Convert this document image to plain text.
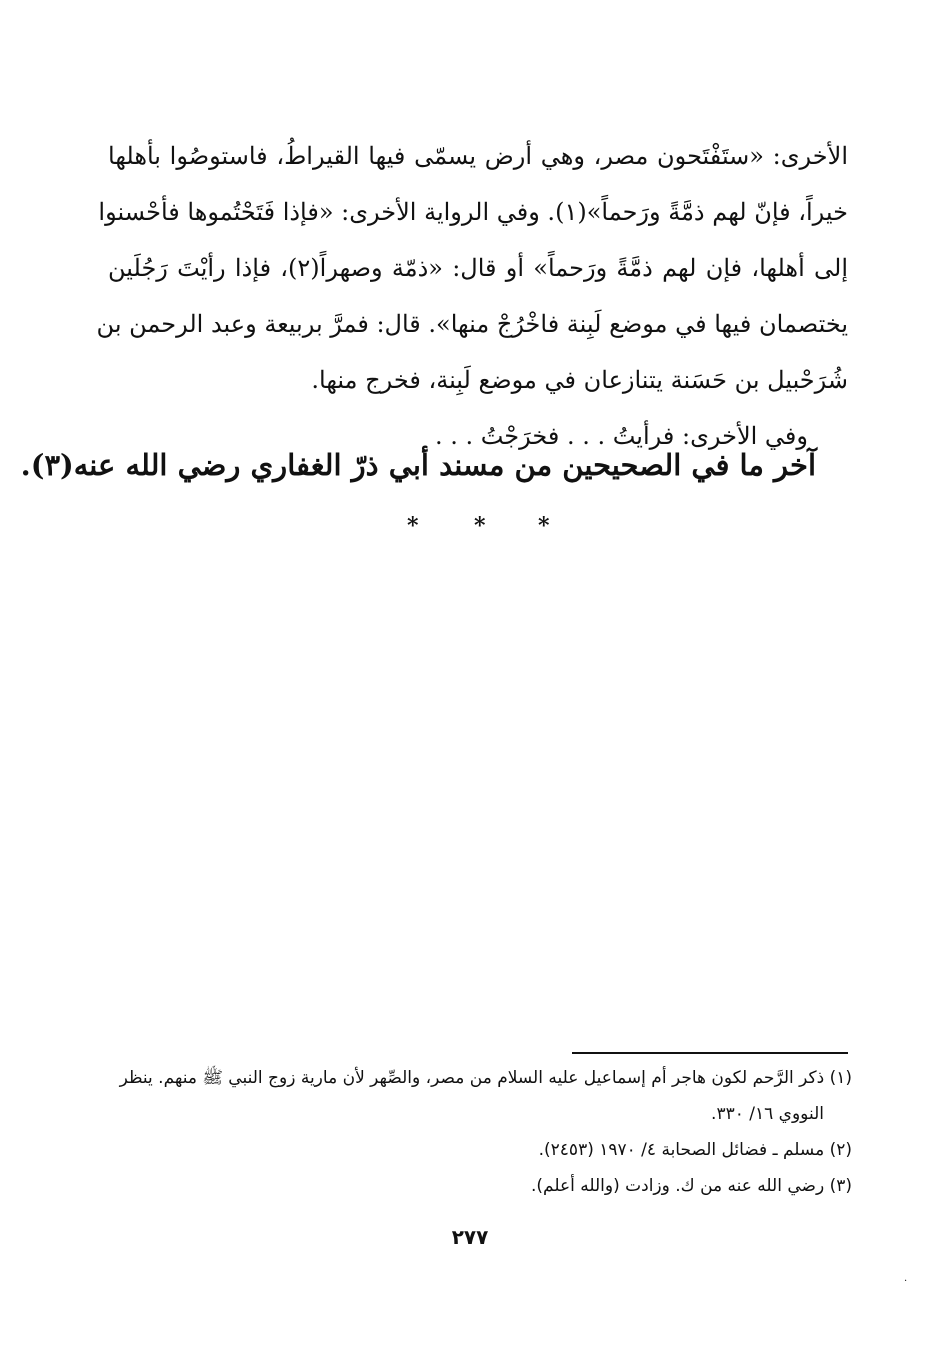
الأخرى: «ستَفْتَحون مصر، وهي أرض يسمّى فيها القيراطُ، فاستوصُوا بأهلها
خيراً، فإنّ لهم ذمَّةً ورَحماً»(١). وفي الرواية الأخرى: «فإذا فَتَحْتُموها فأحْسنوا
إلى أهلها، فإن لهم ذمَّةً ورَحماً» أو قال: «ذمّة وصهراً(٢)، فإذا رأيْتَ رَجُلَين
يختصمان فيها في موضع لَبِنة فاخْرُجْ منها». قال: فمرَّ بربيعة وعبد الرحمن بن
شُرَحْبيل بن حَسَنة يتنازعان في موضع لَبِنة، فخرج منها.
وفي الأخرى: فرأيتُ . . . فخرَجْتُ . . .
آخر ما في الصحيحين من مسند أبي ذرّ الغفاري رضي الله عنه(٣).
*	* *
(١) ذكر الرَّحم لكون هاجر أم إسماعيل عليه السلام من مصر، والصِّهر لأن مارية زوج النبي ﷺ منهم. ينظر
النووي ١٦/ ٣٣٠.
(٢) مسلم ـ فضائل الصحابة ٤/ ١٩٧٠ (٢٤٥٣).
(٣) رضي الله عنه من ك. وزادت (والله أعلم).
٢٧٧
.
